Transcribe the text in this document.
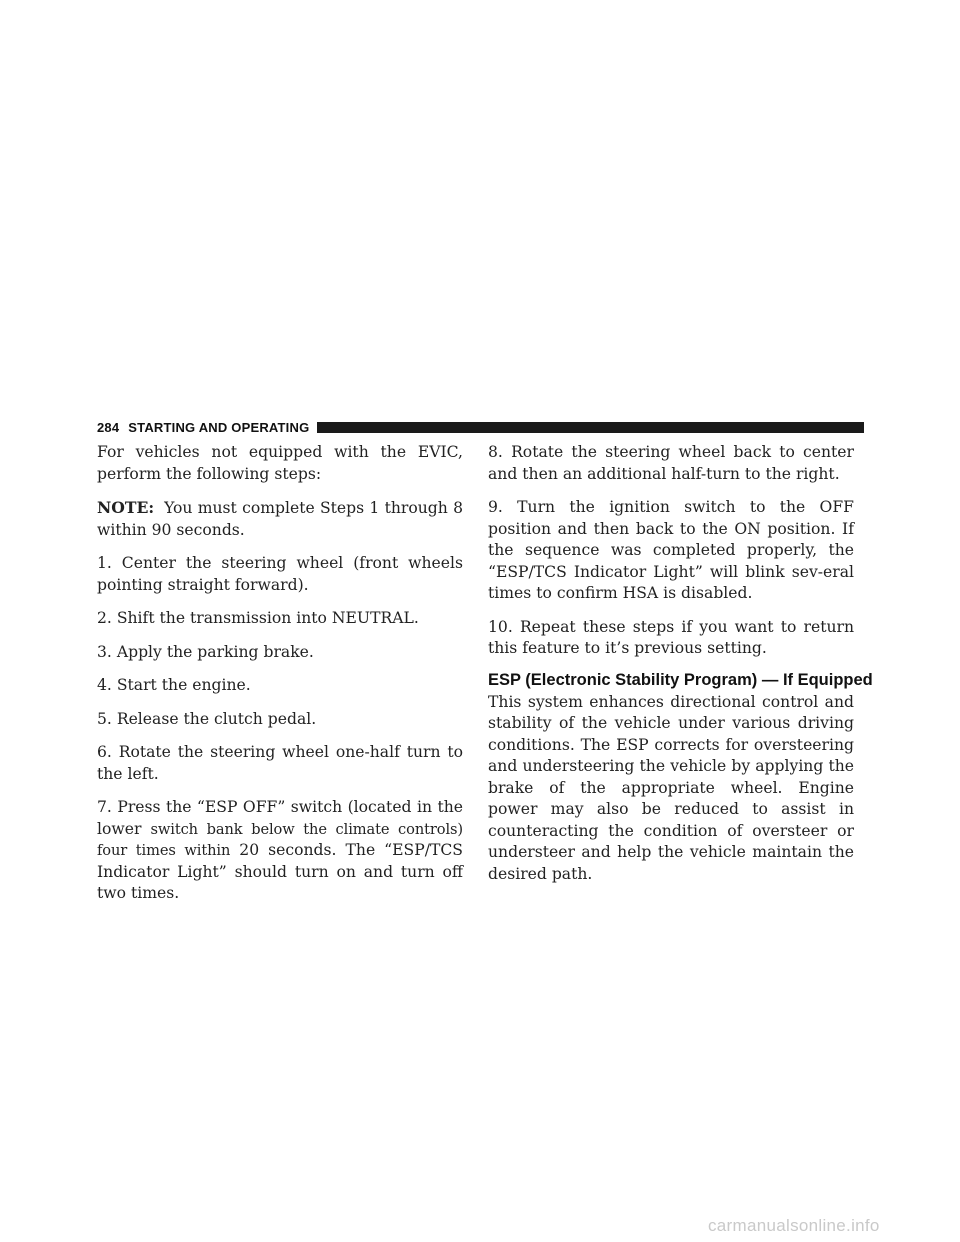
284 STARTING AND OPERATING

For vehicles not equipped with the EVIC, perform the following steps:

NOTE: You must complete Steps 1 through 8 within 90 seconds.

1. Center the steering wheel (front wheels pointing straight forward).

2. Shift the transmission into NEUTRAL.

3. Apply the parking brake.

4. Start the engine.

5. Release the clutch pedal.

6. Rotate the steering wheel one-half turn to the left.

7. Press the “ESP OFF” switch (located in the lower switch bank below the climate controls) four times within 20 seconds. The “ESP/TCS Indicator Light” should turn on and turn off two times.

8. Rotate the steering wheel back to center and then an additional half-turn to the right.

9. Turn the ignition switch to the OFF position and then back to the ON position. If the sequence was completed properly, the “ESP/TCS Indicator Light” will blink sev-eral times to confirm HSA is disabled.

10. Repeat these steps if you want to return this feature to it’s previous setting.

ESP (Electronic Stability Program) — If Equipped

This system enhances directional control and stability of the vehicle under various driving conditions. The ESP corrects for oversteering and understeering the vehicle by applying the brake of the appropriate wheel. Engine power may also be reduced to assist in counteracting the condition of oversteer or understeer and help the vehicle maintain the desired path.

carmanualsonline.info
